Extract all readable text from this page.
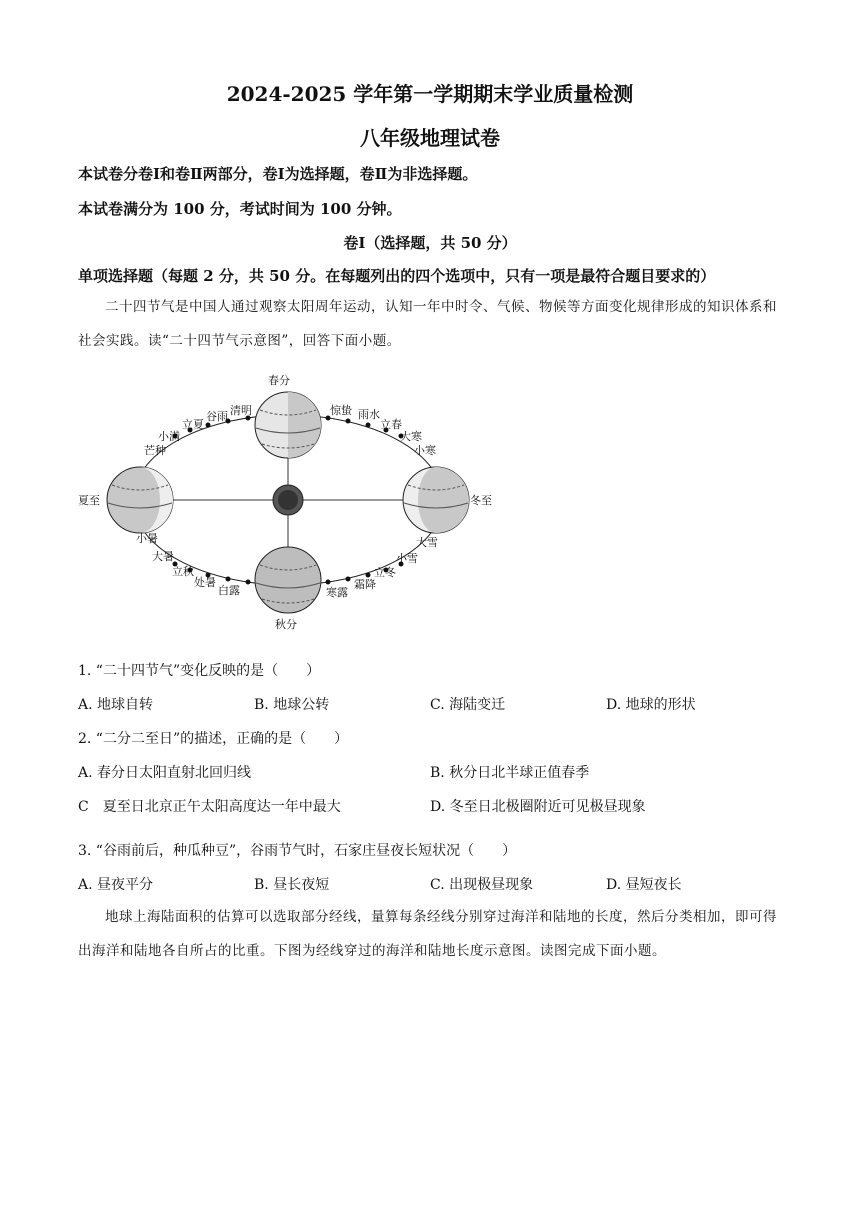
2024-2025 学年第一学期期末学业质量检测
八年级地理试卷
本试卷分卷Ⅰ和卷Ⅱ两部分，卷Ⅰ为选择题，卷Ⅱ为非选择题。
本试卷满分为 100 分，考试时间为 100 分钟。
卷Ⅰ（选择题，共 50 分）
单项选择题（每题 2 分，共 50 分。在每题列出的四个选项中，只有一项是最符合题目要求的）
二十四节气是中国人通过观察太阳周年运动，认知一年中时令、气候、物候等方面变化规律形成的知识体系和社会实践。读“二十四节气示意图”，回答下面小题。
春分
夏至
秋分
冬至
芒种
小满
立夏
谷雨 清明	惊蛰 雨水
立春
大寒
小寒
小暑
大暑
立秋
处暑
白露	寒露
霜降
立冬
小雪
大雪
1. “二十四节气”变化反映的是（　　）
A. 地球自转	B. 地球公转	C. 海陆变迁	D. 地球的形状
2. “二分二至日”的描述，正确的是（　　）
A. 春分日太阳直射北回归线	B. 秋分日北半球正值春季
C　夏至日北京正午太阳高度达一年中最大	D. 冬至日北极圈附近可见极昼现象
3. “谷雨前后，种瓜种豆”，谷雨节气时，石家庄昼夜长短状况（　　）
A. 昼夜平分	B. 昼长夜短	C. 出现极昼现象	D. 昼短夜长
地球上海陆面积的估算可以选取部分经线，量算每条经线分别穿过海洋和陆地的长度，然后分类相加，即可得出海洋和陆地各自所占的比重。下图为经线穿过的海洋和陆地长度示意图。读图完成下面小题。
